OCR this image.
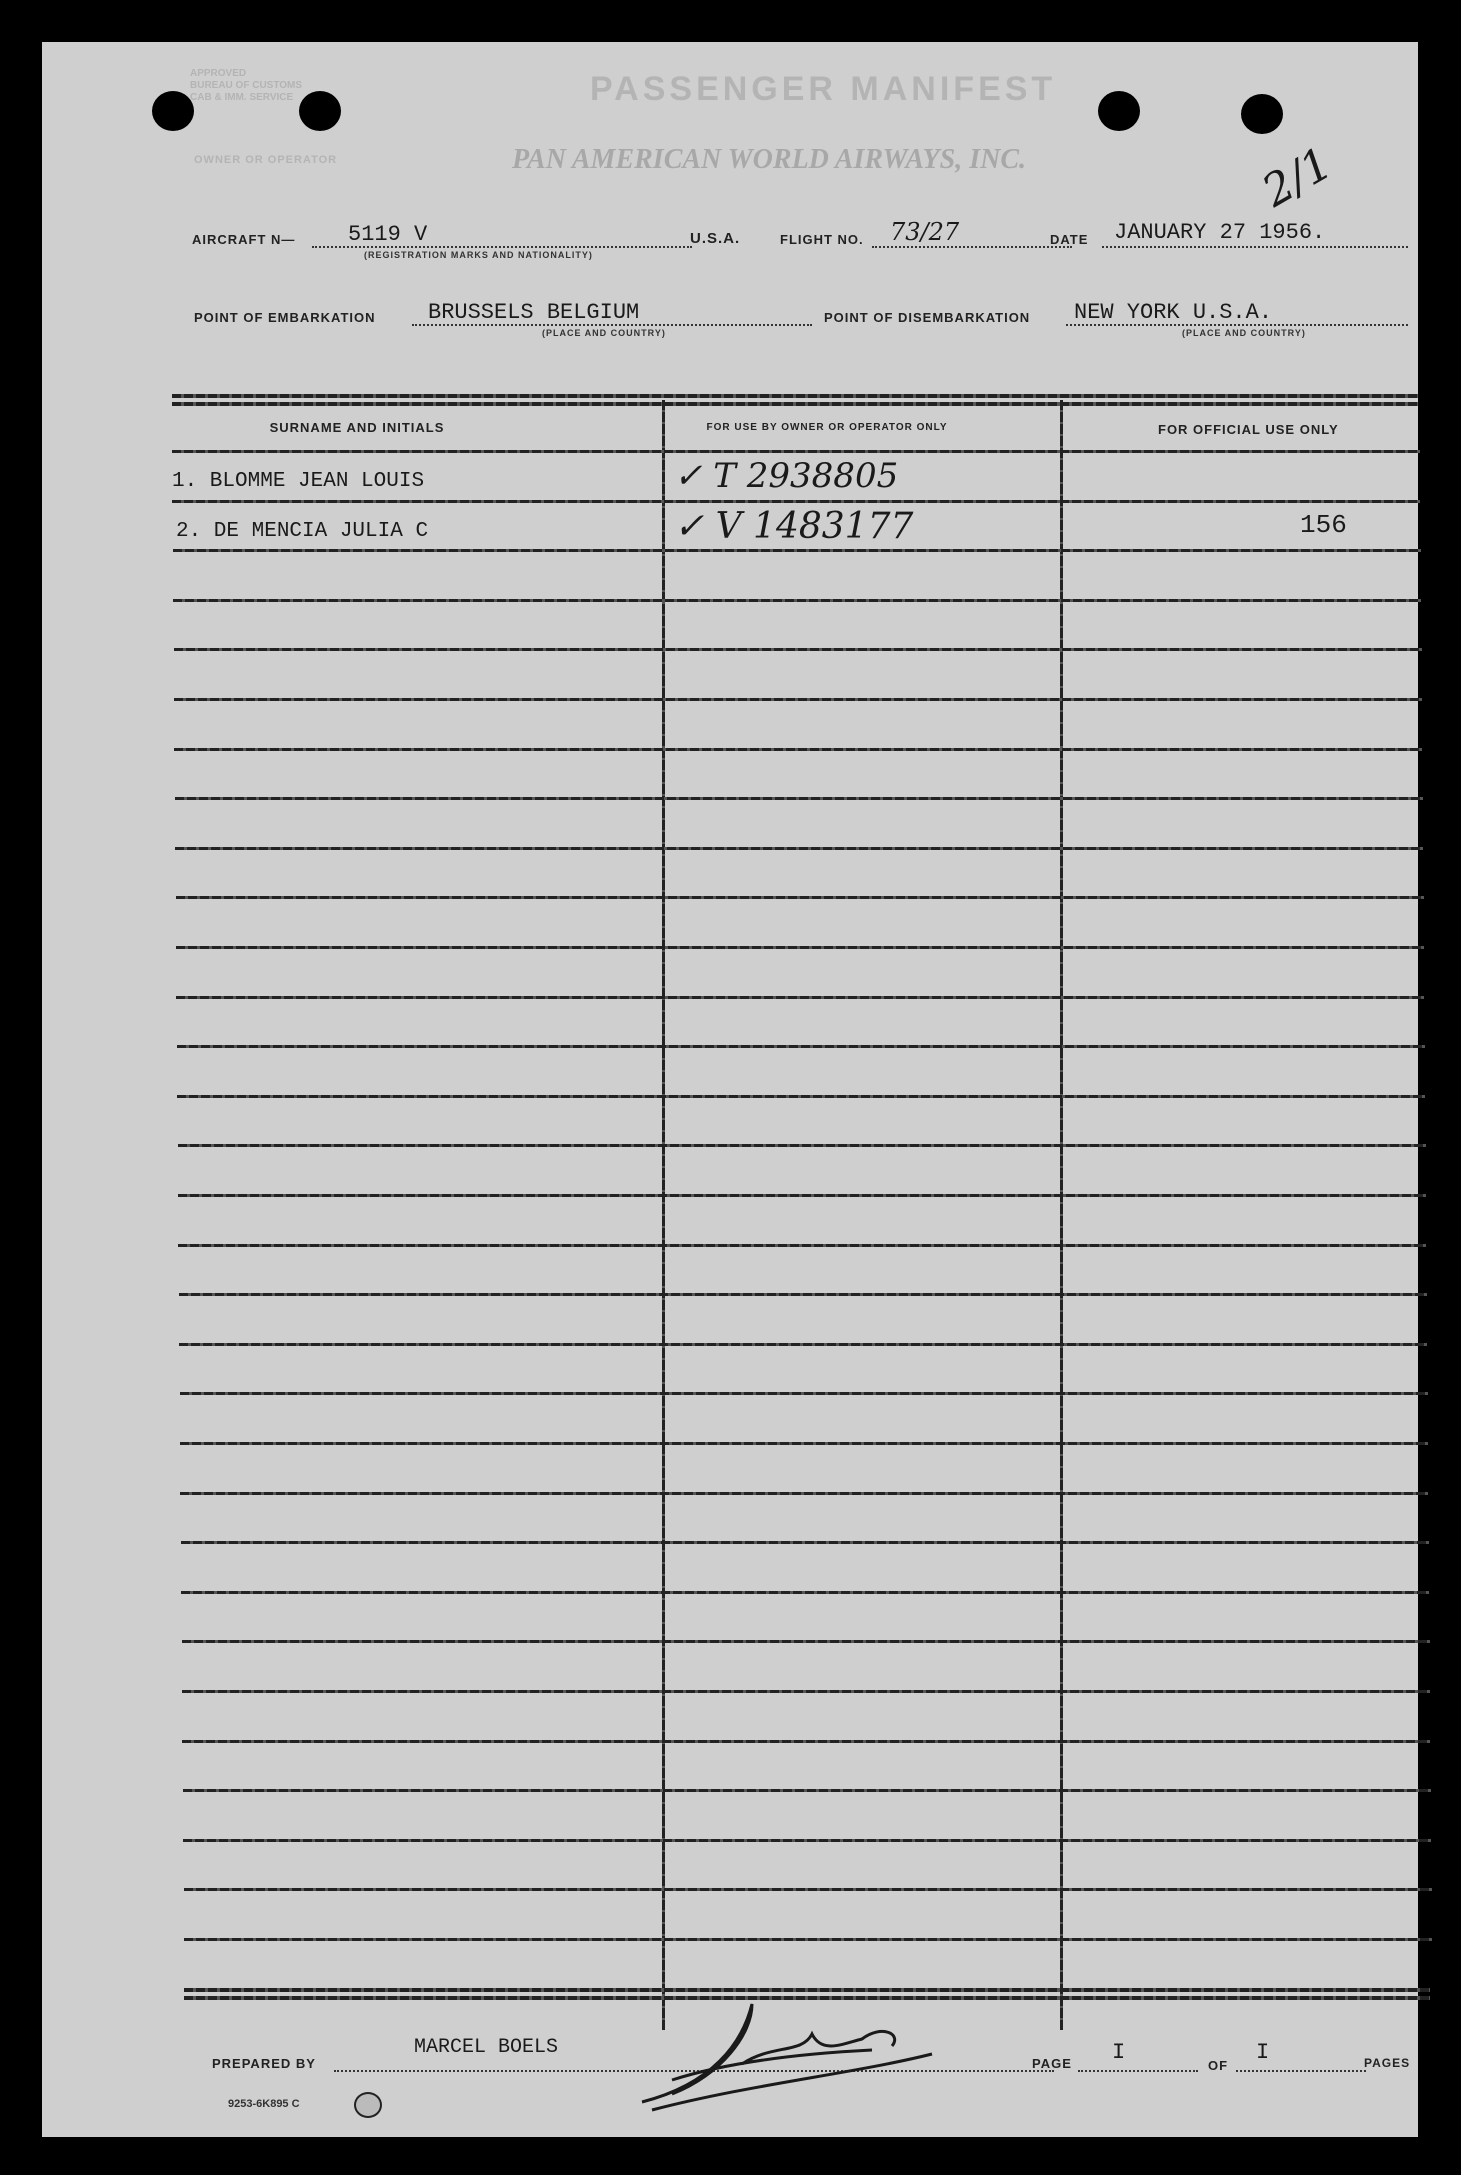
APPROVED
BUREAU OF CUSTOMS
CAB & IMM. SERVICE	PASSENGER MANIFEST
OWNER OR OPERATOR	PAN AMERICAN WORLD AIRWAYS, INC.	2/1
AIRCRAFT N— 5119 V
(REGISTRATION MARKS AND NATIONALITY)
U.S.A.	FLIGHT NO. 73/27	DATE JANUARY 27 1956.
POINT OF EMBARKATION BRUSSELS BELGIUM
(PLACE AND COUNTRY)
POINT OF DISEMBARKATION NEW YORK U.S.A.
(PLACE AND COUNTRY)
SURNAME AND INITIALS	FOR USE BY OWNER OR OPERATOR ONLY	FOR OFFICIAL USE ONLY
1. BLOMME JEAN LOUIS	✓ T 2938805
2. DE MENCIA JULIA C	✓ V 1483177	156
PREPARED BY
MARCEL BOELS
PAGE I
OF
I	PAGES
9253-6K895 C
